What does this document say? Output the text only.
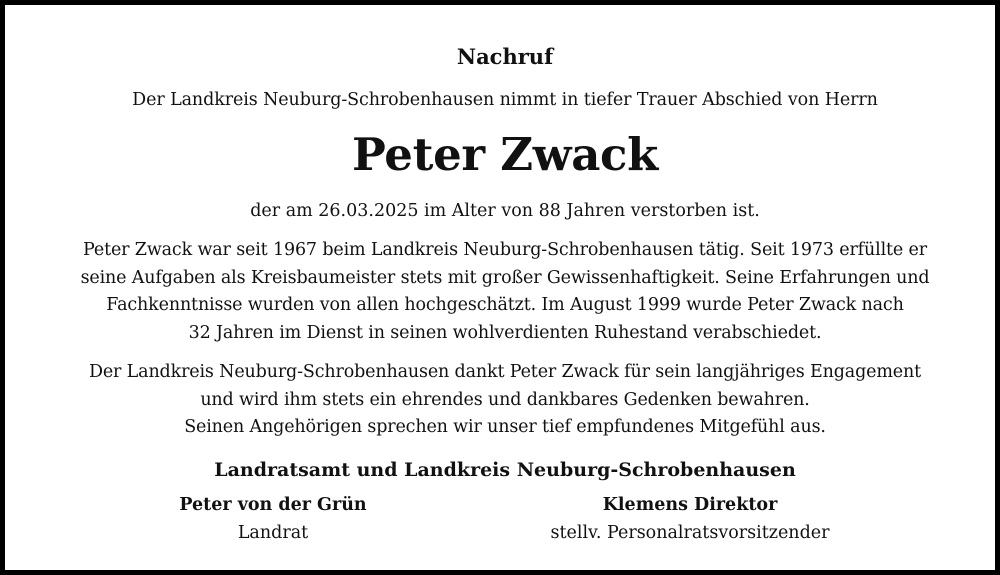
Nachruf
Der Landkreis Neuburg-Schrobenhausen nimmt in tiefer Trauer Abschied von Herrn
Peter Zwack
der am 26.03.2025 im Alter von 88 Jahren verstorben ist.
Peter Zwack war seit 1967 beim Landkreis Neuburg-Schrobenhausen tätig. Seit 1973 erfüllte er
seine Aufgaben als Kreisbaumeister stets mit großer Gewissenhaftigkeit. Seine Erfahrungen und
Fachkenntnisse wurden von allen hochgeschätzt. Im August 1999 wurde Peter Zwack nach
32 Jahren im Dienst in seinen wohlverdienten Ruhestand verabschiedet.
Der Landkreis Neuburg-Schrobenhausen dankt Peter Zwack für sein langjähriges Engagement
und wird ihm stets ein ehrendes und dankbares Gedenken bewahren.
Seinen Angehörigen sprechen wir unser tief empfundenes Mitgefühl aus.
Landratsamt und Landkreis Neuburg-Schrobenhausen
Peter von der Grün
Landrat
Klemens Direktor
stellv. Personalratsvorsitzender
